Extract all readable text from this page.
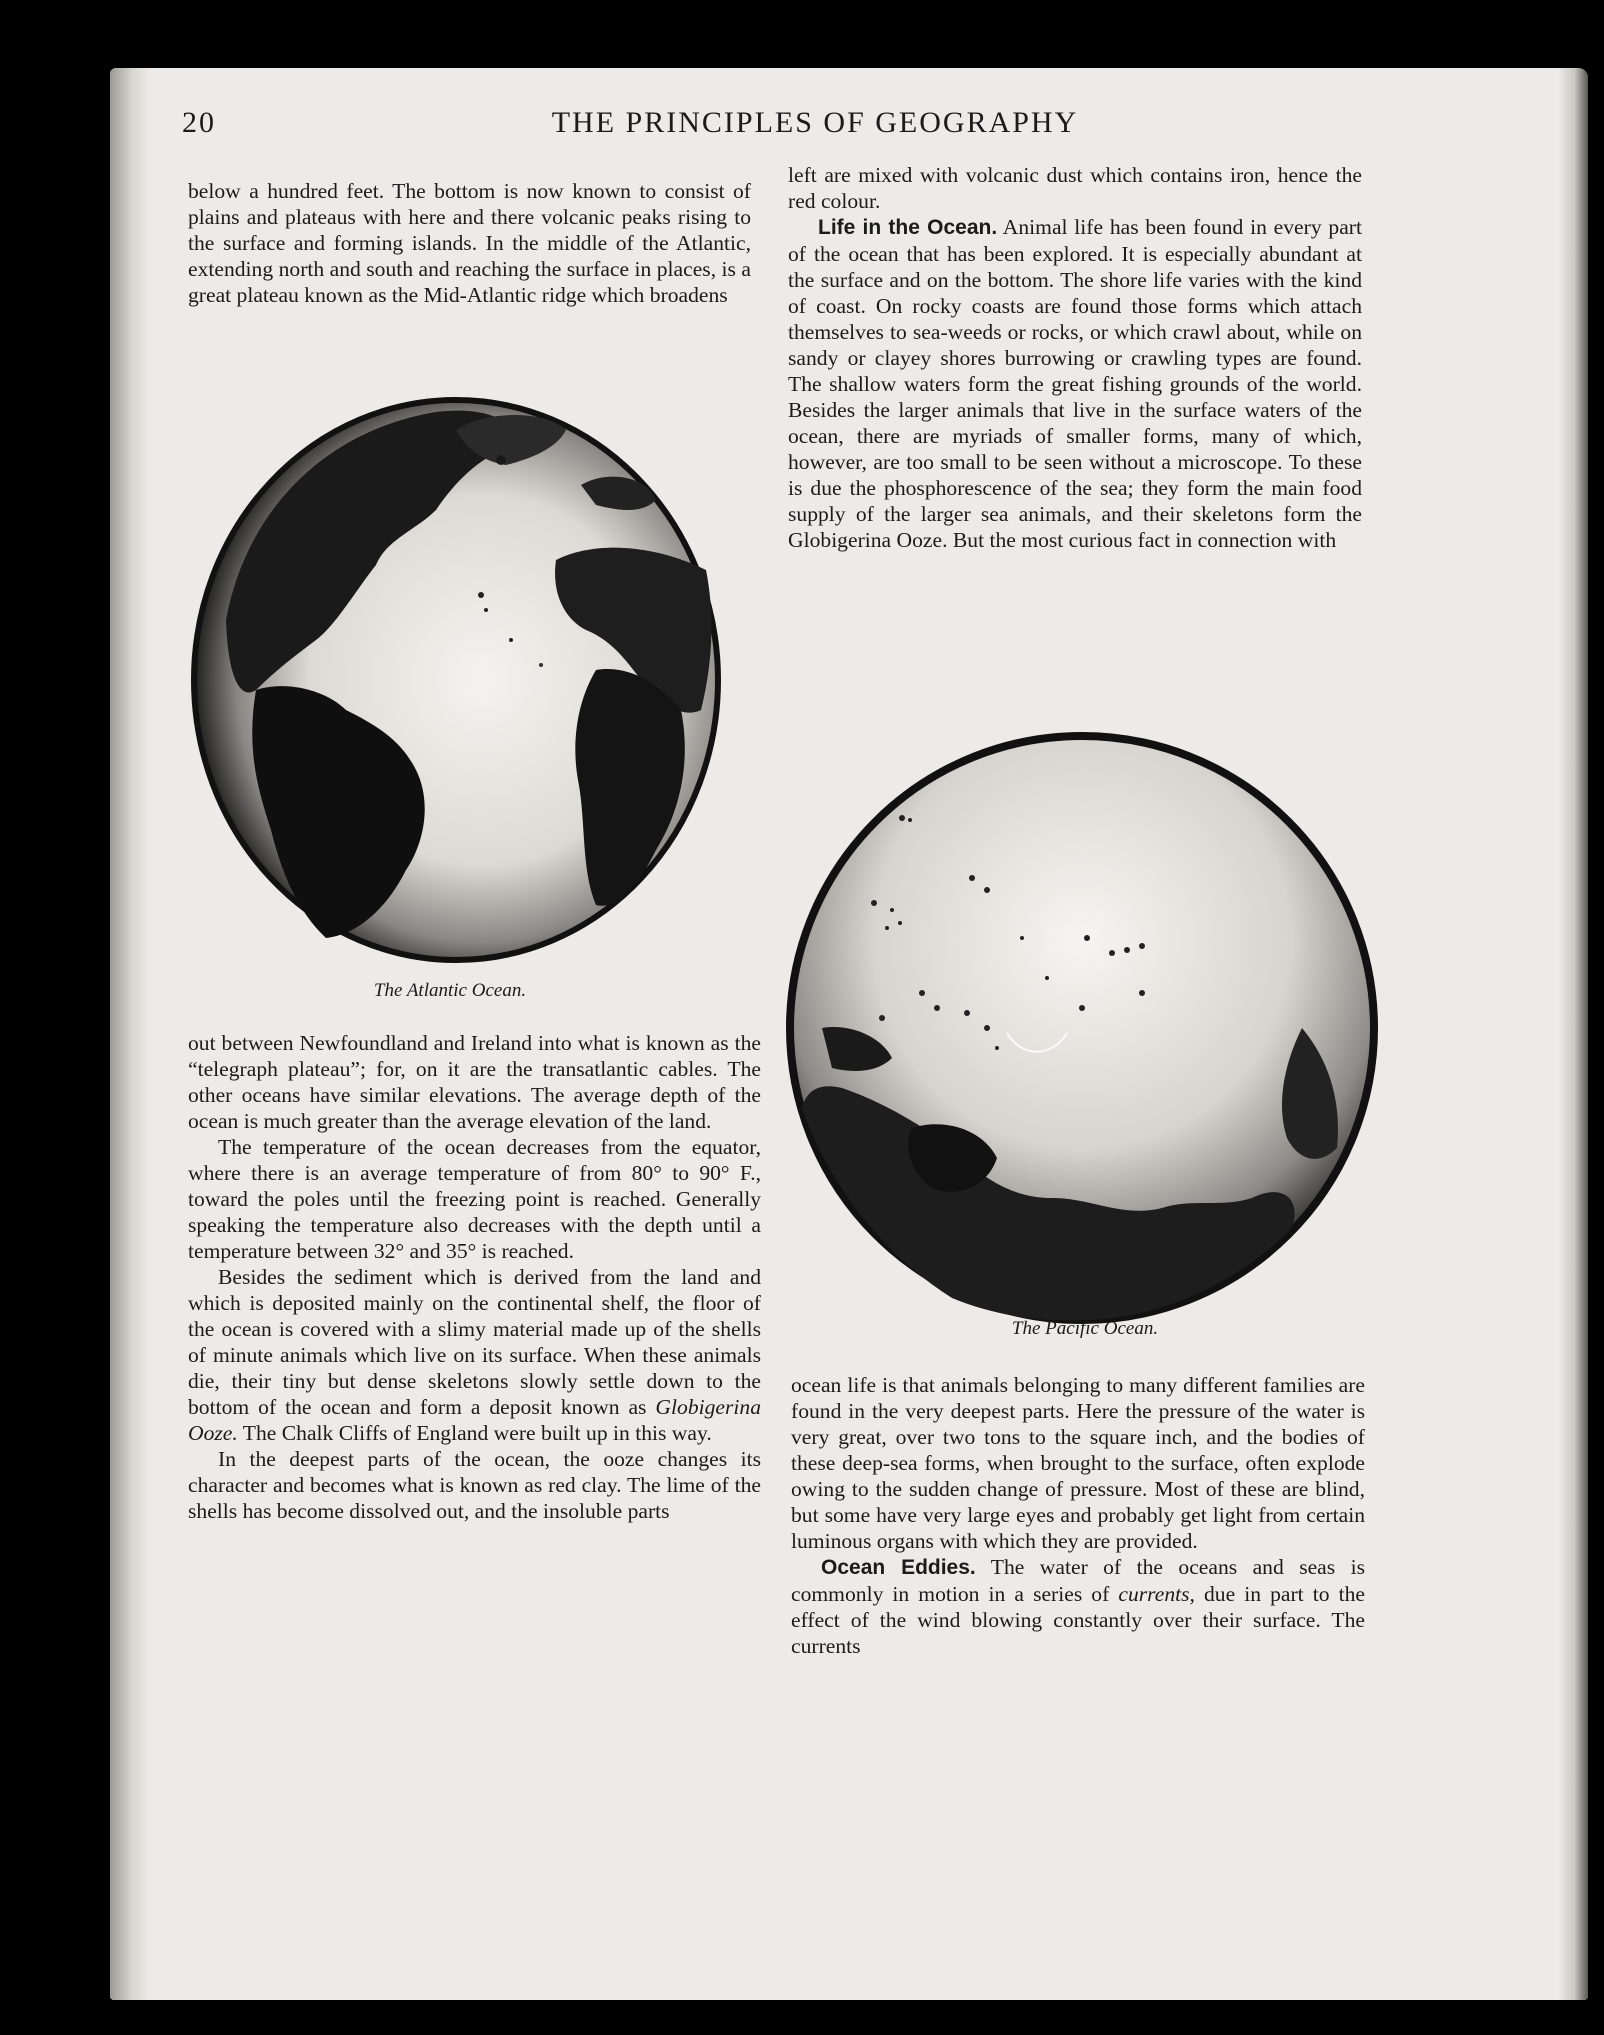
20	THE PRINCIPLES OF GEOGRAPHY

below a hundred feet. The bottom is now known to consist of plains and plateaus with here and there volcanic peaks rising to the surface and forming islands. In the middle of the Atlantic, extending north and south and reaching the surface in places, is a great plateau known as the Mid-Atlantic ridge which broadens

The Atlantic Ocean.

out between Newfoundland and Ireland into what is known as the “telegraph plateau”; for, on it are the transatlantic cables. The other oceans have similar elevations. The average depth of the ocean is much greater than the average elevation of the land.

The temperature of the ocean decreases from the equator, where there is an average temperature of from 80° to 90° F., toward the poles until the freezing point is reached. Generally speaking the temperature also decreases with the depth until a temperature between 32° and 35° is reached.

Besides the sediment which is derived from the land and which is deposited mainly on the continental shelf, the floor of the ocean is covered with a slimy material made up of the shells of minute animals which live on its surface. When these animals die, their tiny but dense skeletons slowly settle down to the bottom of the ocean and form a deposit known as Globigerina Ooze. The Chalk Cliffs of England were built up in this way.

In the deepest parts of the ocean, the ooze changes its character and becomes what is known as red clay. The lime of the shells has become dissolved out, and the insoluble parts

left are mixed with volcanic dust which contains iron, hence the red colour.

Life in the Ocean. Animal life has been found in every part of the ocean that has been explored. It is especially abundant at the surface and on the bottom. The shore life varies with the kind of coast. On rocky coasts are found those forms which attach themselves to sea-weeds or rocks, or which crawl about, while on sandy or clayey shores burrowing or crawling types are found. The shallow waters form the great fishing grounds of the world. Besides the larger animals that live in the surface waters of the ocean, there are myriads of smaller forms, many of which, however, are too small to be seen without a microscope. To these is due the phosphorescence of the sea; they form the main food supply of the larger sea animals, and their skeletons form the Globigerina Ooze. But the most curious fact in connection with

The Pacific Ocean.

ocean life is that animals belonging to many different families are found in the very deepest parts. Here the pressure of the water is very great, over two tons to the square inch, and the bodies of these deep-sea forms, when brought to the surface, often explode owing to the sudden change of pressure. Most of these are blind, but some have very large eyes and probably get light from certain luminous organs with which they are provided.

Ocean Eddies. The water of the oceans and seas is commonly in motion in a series of currents, due in part to the effect of the wind blowing constantly over their surface. The currents
